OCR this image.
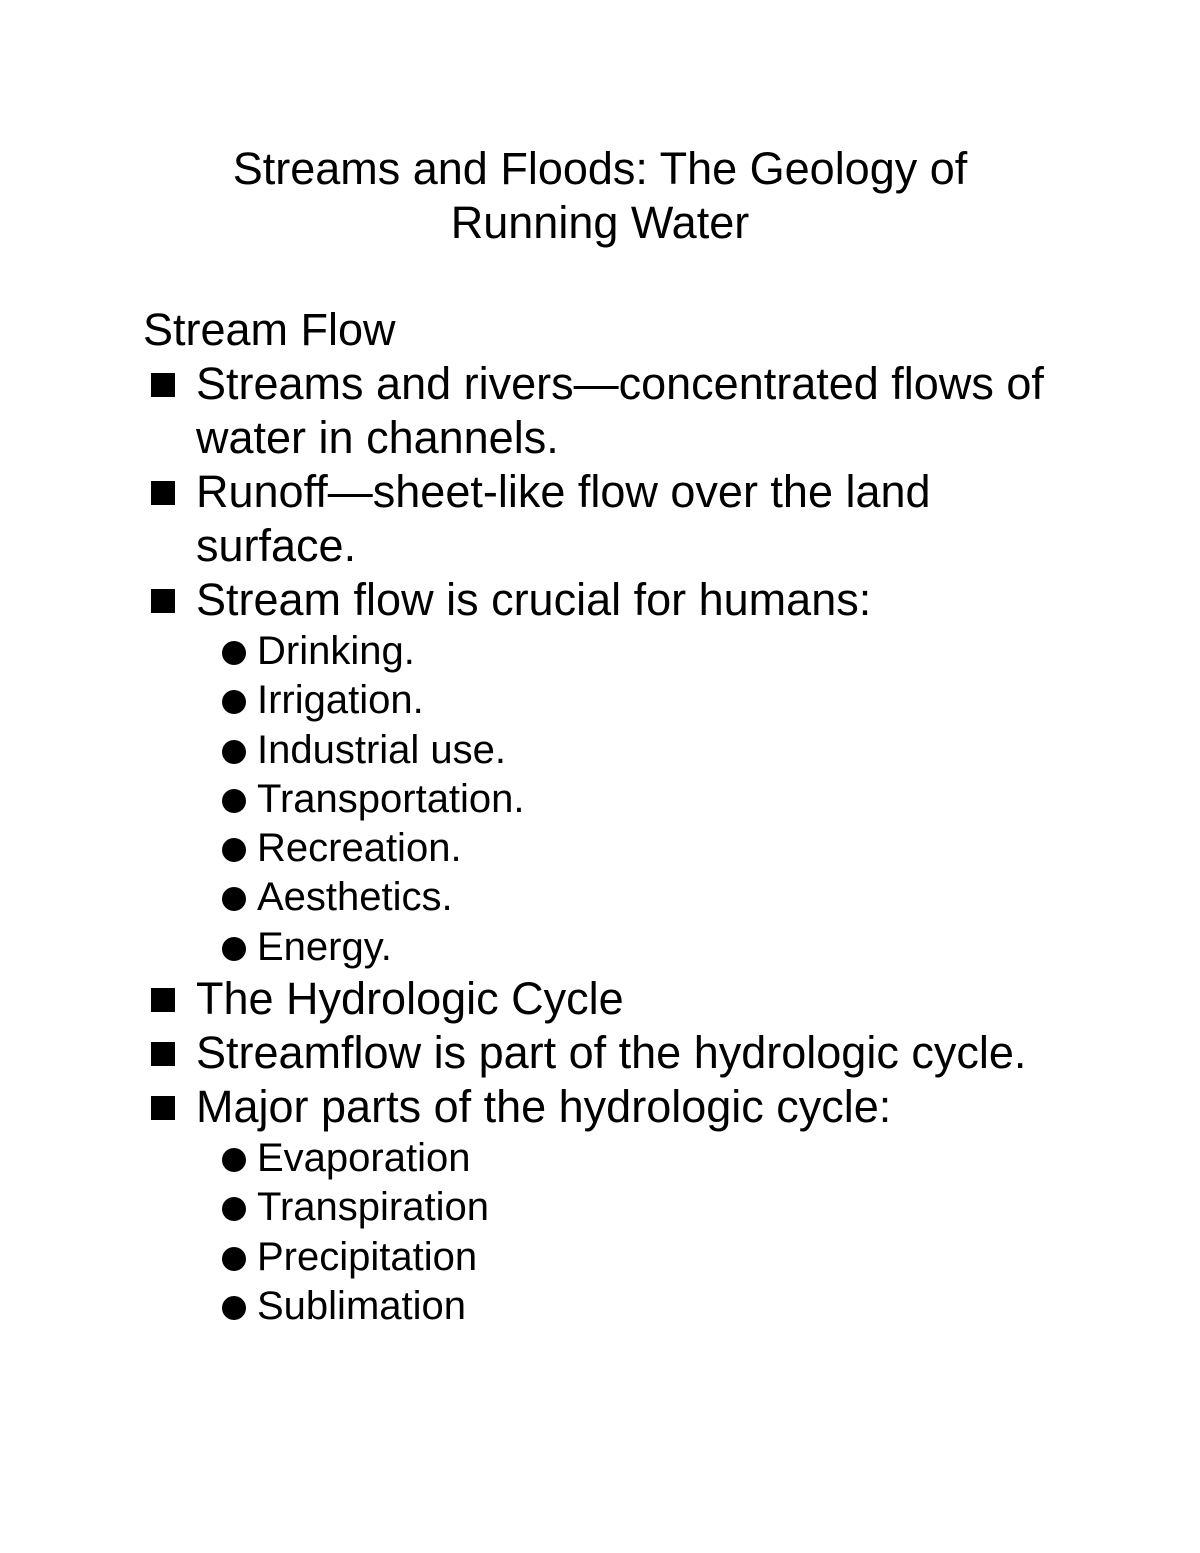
Streams and Floods: The Geology of
Running Water
Stream Flow
Streams and rivers—concentrated flows of water in channels.
Runoff—sheet-like flow over the land surface.
Stream flow is crucial for humans:
Drinking.
Irrigation.
Industrial use.
Transportation.
Recreation.
Aesthetics.
Energy.
The Hydrologic Cycle
Streamflow is part of the hydrologic cycle.
Major parts of the hydrologic cycle:
Evaporation
Transpiration
Precipitation
Sublimation
